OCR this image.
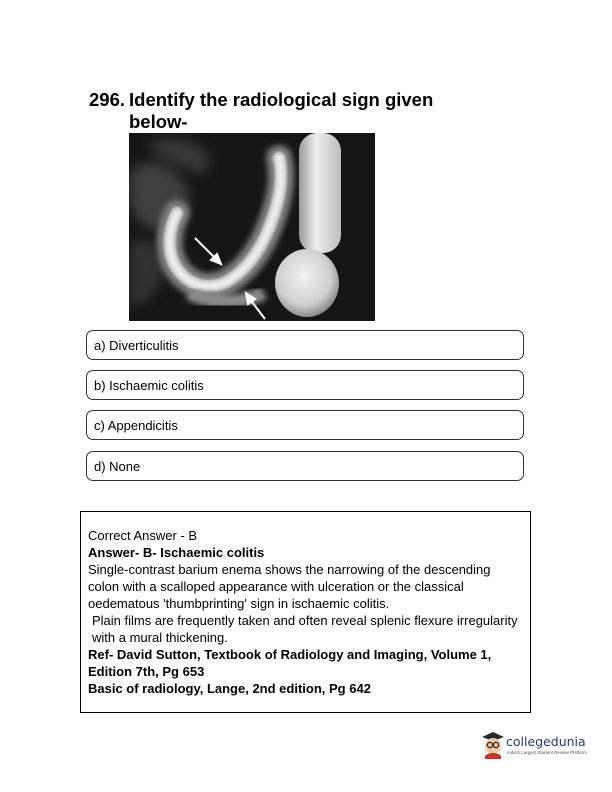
296. Identify the radiological sign given below-
a) Diverticulitis
b) Ischaemic colitis
c) Appendicitis
d) None

Correct Answer - B

Answer- B- Ischaemic colitis

Single-contrast barium enema shows the narrowing of the descending colon with a scalloped appearance with ulceration or the classical oedematous 'thumbprinting' sign in ischaemic colitis.

Plain films are frequently taken and often reveal splenic flexure irregularity with a mural thickening.

Ref- David Sutton, Textbook of Radiology and Imaging, Volume 1, Edition 7th, Pg 653

Basic of radiology, Lange, 2nd edition, Pg 642

collegedunia
India's Largest Student Review Platform
